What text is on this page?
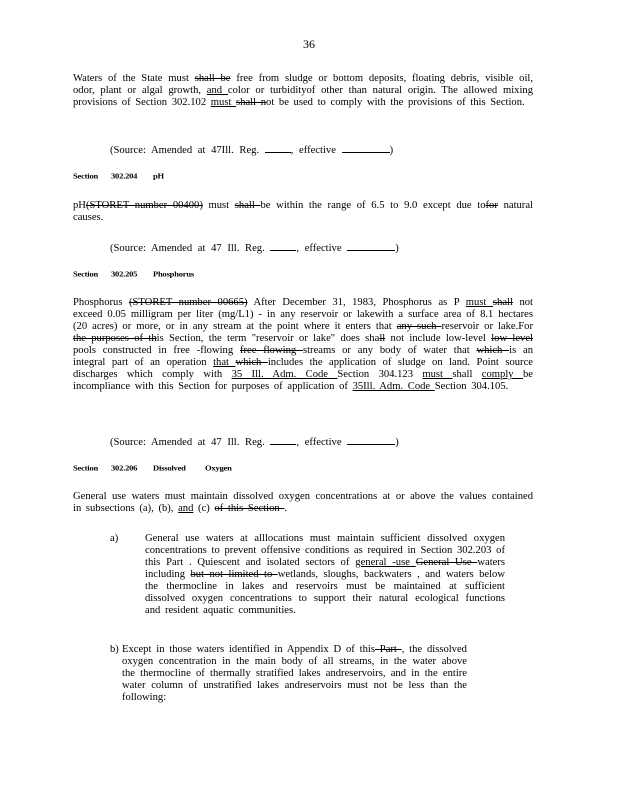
36
Waters of the State must shall be free from sludge or bottom deposits, floating debris, visible oil, odor, plant or algal growth, and color or turbidityof other than natural origin. The allowed mixing provisions of Section 302.102 must shall not be used to comply with the provisions of this Section.
(Source: Amended at 47Ill. Reg. , effective	)
Section 302.204 pH
pH(STORET number 00400) must shall be within the range of 6.5 to 9.0 except due tofor natural causes.
(Source: Amended at 47 Ill. Reg. , effective	)
Section 302.205 Phosphorus
Phosphorus (STORET number 00665) After December 31, 1983, Phosphorus as P must shall not exceed 0.05 milligram per liter (mg/L1) - in any reservoir or lakewith a surface area of 8.1 hectares (20 acres) or more, or in any stream at the point where it enters that any such reservoir or lake.For the purposes of this Section, the term "reservoir or lake" does shall not include low-level low level pools constructed in free -flowing free flowing streams or any body of water that which is an integral part of an operation that which includes the application of sludge on land. Point source discharges which comply with 35 Ill. Adm. Code Section 304.123 must shall comply be incompliance with this Section for purposes of application of 35Ill. Adm. Code Section 304.105.
(Source: Amended at 47 Ill. Reg. , effective	)
Section 302.206 Dissolved Oxygen
General use waters must maintain dissolved oxygen concentrations at or above the values contained in subsections (a), (b), and (c) of this Section .
a)	General use waters at alllocations must maintain sufficient dissolved oxygen concentrations to prevent offensive conditions as required in Section 302.203 of this Part . Quiescent and isolated sectors of general -use General Use waters including but not limited to wetlands, sloughs, backwaters , and waters below the thermocline in lakes and reservoirs must be maintained at sufficient dissolved oxygen concentrations to support their natural ecological functions and resident aquatic communities.
b) Except in those waters identified in Appendix D of this Part , the dissolved oxygen concentration in the main body of all streams, in the water above the thermocline of thermally stratified lakes andreservoirs, and in the entire water column of unstratified lakes andreservoirs must not be less than the following:
